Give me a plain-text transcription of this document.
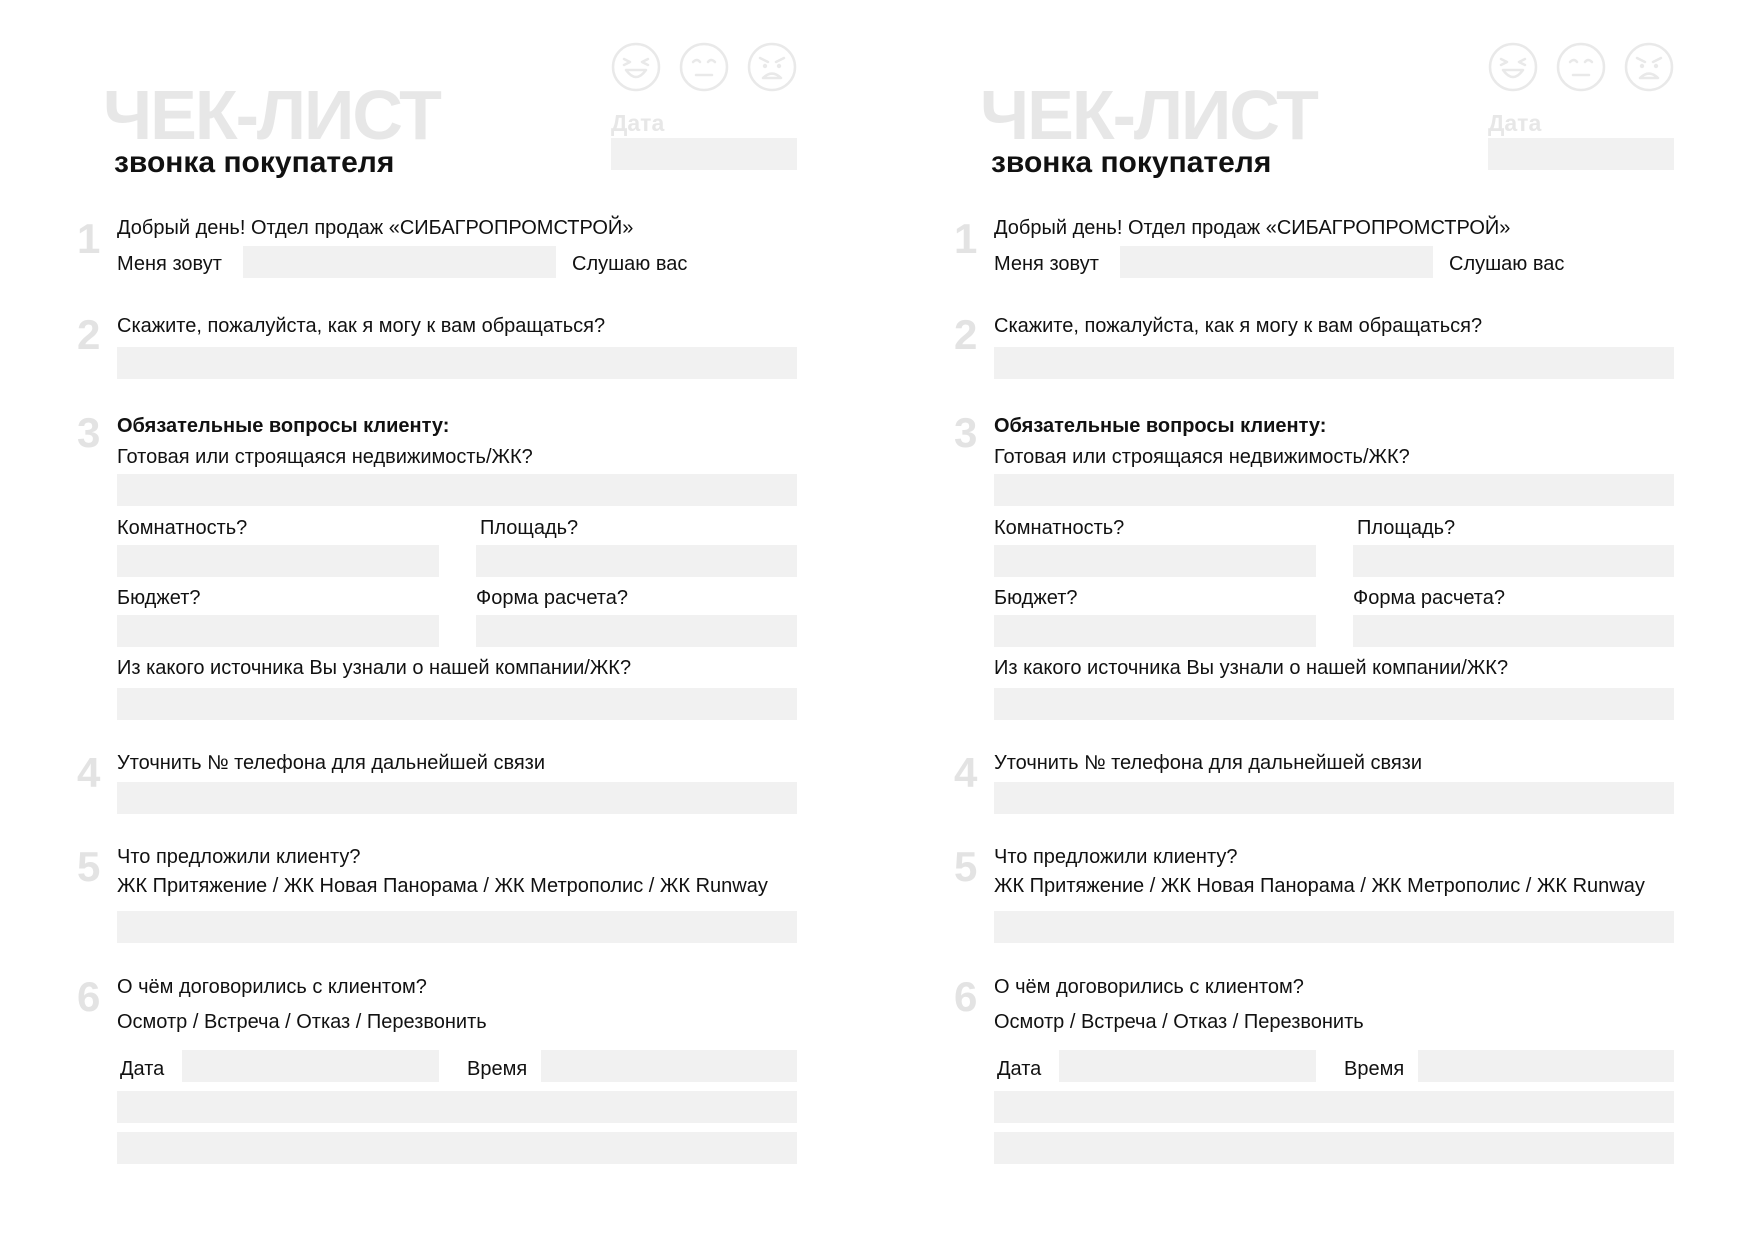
ЧЕК-ЛИСТ
звонка покупателя
Дата
1 Добрый день! Отдел продаж «СИБАГРОПРОМСТРОЙ»
Меня зовут	Слушаю вас
2 Скажите, пожалуйста, как я могу к вам обращаться?
3 Обязательные вопросы клиенту:
Готовая или строящаяся недвижимость/ЖК?
Комнатность?	Площадь?
Бюджет?	Форма расчета?
Из какого источника Вы узнали о нашей компании/ЖК?
4 Уточнить № телефона для дальнейшей связи
5 Что предложили клиенту?
ЖК Притяжение / ЖК Новая Панорама / ЖК Метрополис / ЖК Runway
6 О чём договорились с клиентом?
Осмотр / Встреча / Отказ / Перезвонить
Дата	Время
ЧЕК-ЛИСТ
звонка покупателя
Дата
1 Добрый день! Отдел продаж «СИБАГРОПРОМСТРОЙ»
Меня зовут	Слушаю вас
2 Скажите, пожалуйста, как я могу к вам обращаться?
3 Обязательные вопросы клиенту:
Готовая или строящаяся недвижимость/ЖК?
Комнатность?	Площадь?
Бюджет?	Форма расчета?
Из какого источника Вы узнали о нашей компании/ЖК?
4 Уточнить № телефона для дальнейшей связи
5 Что предложили клиенту?
ЖК Притяжение / ЖК Новая Панорама / ЖК Метрополис / ЖК Runway
6 О чём договорились с клиентом?
Осмотр / Встреча / Отказ / Перезвонить
Дата	Время
